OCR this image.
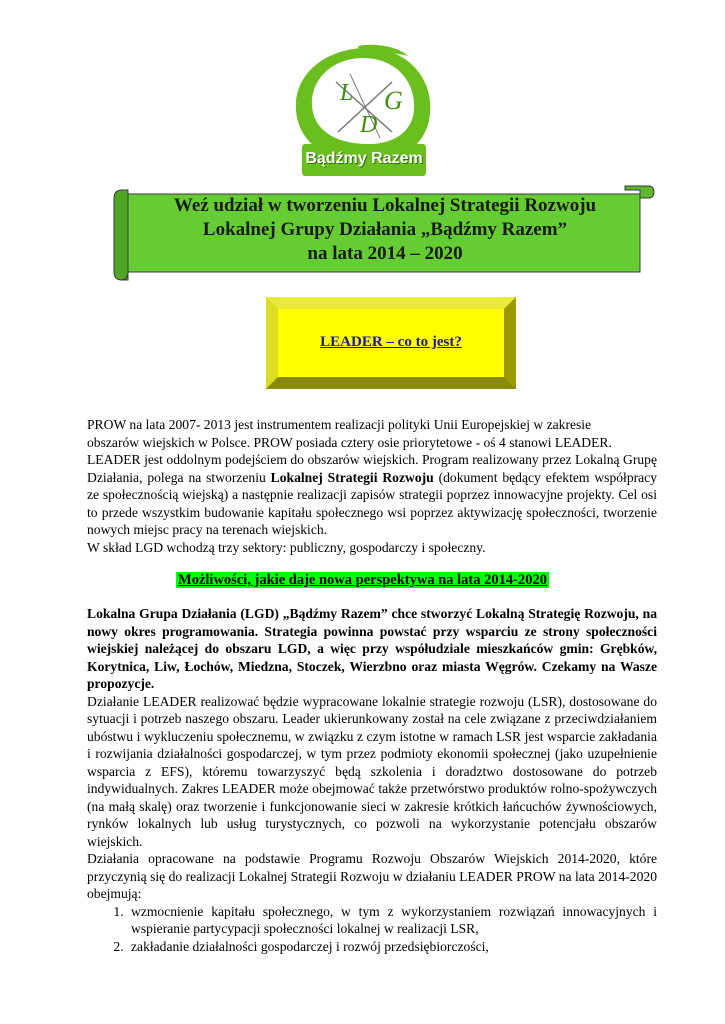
L G
D
Bądźmy Razem
Weź udział w tworzeniu Lokalnej Strategii Rozwoju
Lokalnej Grupy Działania „Bądźmy Razem”
na lata 2014 – 2020
LEADER – co to jest?

PROW na lata 2007- 2013 jest instrumentem realizacji polityki Unii Europejskiej w zakresie

obszarów wiejskich w Polsce. PROW posiada cztery osie priorytetowe - oś 4 stanowi LEADER.

LEADER jest oddolnym podejściem do obszarów wiejskich. Program realizowany przez Lokalną Grupę Działania, polega na stworzeniu Lokalnej Strategii Rozwoju (dokument będący efektem współpracy ze społecznością wiejską) a następnie realizacji zapisów strategii poprzez innowacyjne projekty. Cel osi to przede wszystkim budowanie kapitału społecznego wsi poprzez aktywizację społeczności, tworzenie nowych miejsc pracy na terenach wiejskich.

W skład LGD wchodzą trzy sektory: publiczny, gospodarczy i społeczny.

Możliwości, jakie daje nowa perspektywa na lata 2014-2020

Lokalna Grupa Działania (LGD) „Bądźmy Razem” chce stworzyć Lokalną Strategię Rozwoju, na nowy okres programowania. Strategia powinna powstać przy wsparciu ze strony społeczności wiejskiej należącej do obszaru LGD, a więc przy współudziale mieszkańców gmin: Grębków, Korytnica, Liw, Łochów, Miedzna, Stoczek, Wierzbno oraz miasta Węgrów. Czekamy na Wasze propozycje.

Działanie LEADER realizować będzie wypracowane lokalnie strategie rozwoju (LSR), dostosowane do sytuacji i potrzeb naszego obszaru. Leader ukierunkowany został na cele związane z przeciwdziałaniem ubóstwu i wykluczeniu społecznemu, w związku z czym istotne w ramach LSR jest wsparcie zakładania i rozwijania działalności gospodarczej, w tym przez podmioty ekonomii społecznej (jako uzupełnienie wsparcia z EFS), któremu towarzyszyć będą szkolenia i doradztwo dostosowane do potrzeb indywidualnych. Zakres LEADER może obejmować także przetwórstwo produktów rolno-spożywczych (na małą skalę) oraz tworzenie i funkcjonowanie sieci w zakresie krótkich łańcuchów żywnościowych, rynków lokalnych lub usług turystycznych, co pozwoli na wykorzystanie potencjału obszarów wiejskich.

Działania opracowane na podstawie Programu Rozwoju Obszarów Wiejskich 2014-2020, które przyczynią się do realizacji Lokalnej Strategii Rozwoju w działaniu LEADER PROW na lata 2014-2020 obejmują:

1. wzmocnienie kapitału społecznego, w tym z wykorzystaniem rozwiązań innowacyjnych i wspieranie partycypacji społeczności lokalnej w realizacji LSR,
2. zakładanie działalności gospodarczej i rozwój przedsiębiorczości,
